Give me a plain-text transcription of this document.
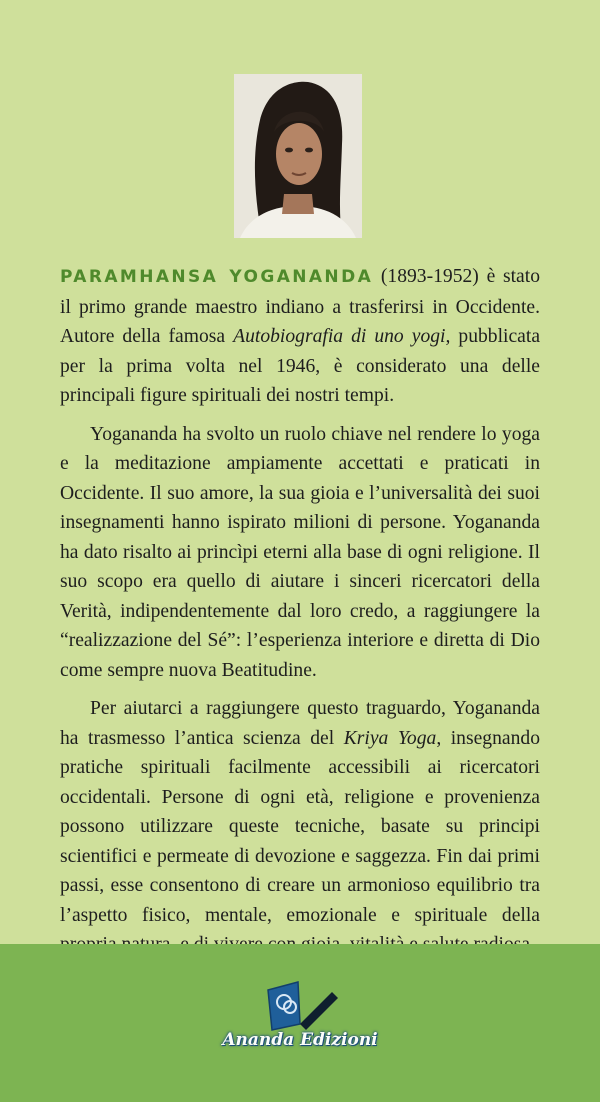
PARAMHANSA YOGANANDA (1893-1952) è stato il primo grande maestro indiano a trasferirsi in Occidente. Autore della famosa Autobiografia di uno yogi, pubblicata per la prima volta nel 1946, è considerato una delle principali figure spirituali dei nostri tempi.

Yogananda ha svolto un ruolo chiave nel rendere lo yoga e la meditazione ampiamente accettati e praticati in Occidente. Il suo amore, la sua gioia e l’universalità dei suoi insegnamenti hanno ispirato milioni di persone. Yogananda ha dato risalto ai princìpi eterni alla base di ogni religione. Il suo scopo era quello di aiutare i sinceri ricercatori della Verità, indipendentemente dal loro credo, a raggiungere la “realizzazione del Sé”: l’esperienza interiore e diretta di Dio come sempre nuova Beatitudine.

Per aiutarci a raggiungere questo traguardo, Yogananda ha trasmesso l’antica scienza del Kriya Yoga, insegnando pratiche spirituali facilmente accessibili ai ricercatori occidentali. Persone di ogni età, religione e provenienza possono utilizzare queste tecniche, basate su principi scientifici e permeate di devozione e saggezza. Fin dai primi passi, esse consentono di creare un armonioso equilibrio tra l’aspetto fisico, mentale, emozionale e spirituale della

Ananda Edizioni
